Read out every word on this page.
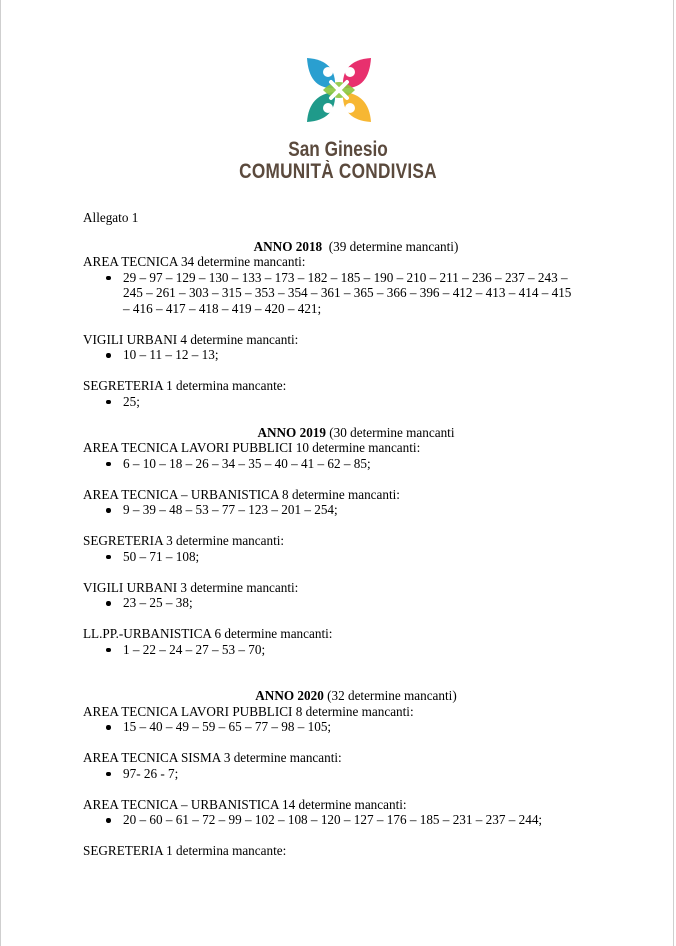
San Ginesio
COMUNITÀ CONDIVISA
Allegato 1
ANNO 2018 (39 determine mancanti)
AREA TECNICA 34 determine mancanti:
29 – 97 – 129 – 130 – 133 – 173 – 182 – 185 – 190 – 210 – 211 – 236 – 237 – 243 –
245 – 261 – 303 – 315 – 353 – 354 – 361 – 365 – 366 – 396 – 412 – 413 – 414 – 415
– 416 – 417 – 418 – 419 – 420 – 421;
VIGILI URBANI 4 determine mancanti:
10 – 11 – 12 – 13;
SEGRETERIA 1 determina mancante:
25;
ANNO 2019 (30 determine mancanti
AREA TECNICA LAVORI PUBBLICI 10 determine mancanti:
6 – 10 – 18 – 26 – 34 – 35 – 40 – 41 – 62 – 85;
AREA TECNICA – URBANISTICA 8 determine mancanti:
9 – 39 – 48 – 53 – 77 – 123 – 201 – 254;
SEGRETERIA 3 determine mancanti:
50 – 71 – 108;
VIGILI URBANI 3 determine mancanti:
23 – 25 – 38;
LL.PP.-URBANISTICA 6 determine mancanti:
1 – 22 – 24 – 27 – 53 – 70;
ANNO 2020 (32 determine mancanti)
AREA TECNICA LAVORI PUBBLICI 8 determine mancanti:
15 – 40 – 49 – 59 – 65 – 77 – 98 – 105;
AREA TECNICA SISMA 3 determine mancanti:
97- 26 - 7;
AREA TECNICA – URBANISTICA 14 determine mancanti:
20 – 60 – 61 – 72 – 99 – 102 – 108 – 120 – 127 – 176 – 185 – 231 – 237 – 244;
SEGRETERIA 1 determina mancante:
